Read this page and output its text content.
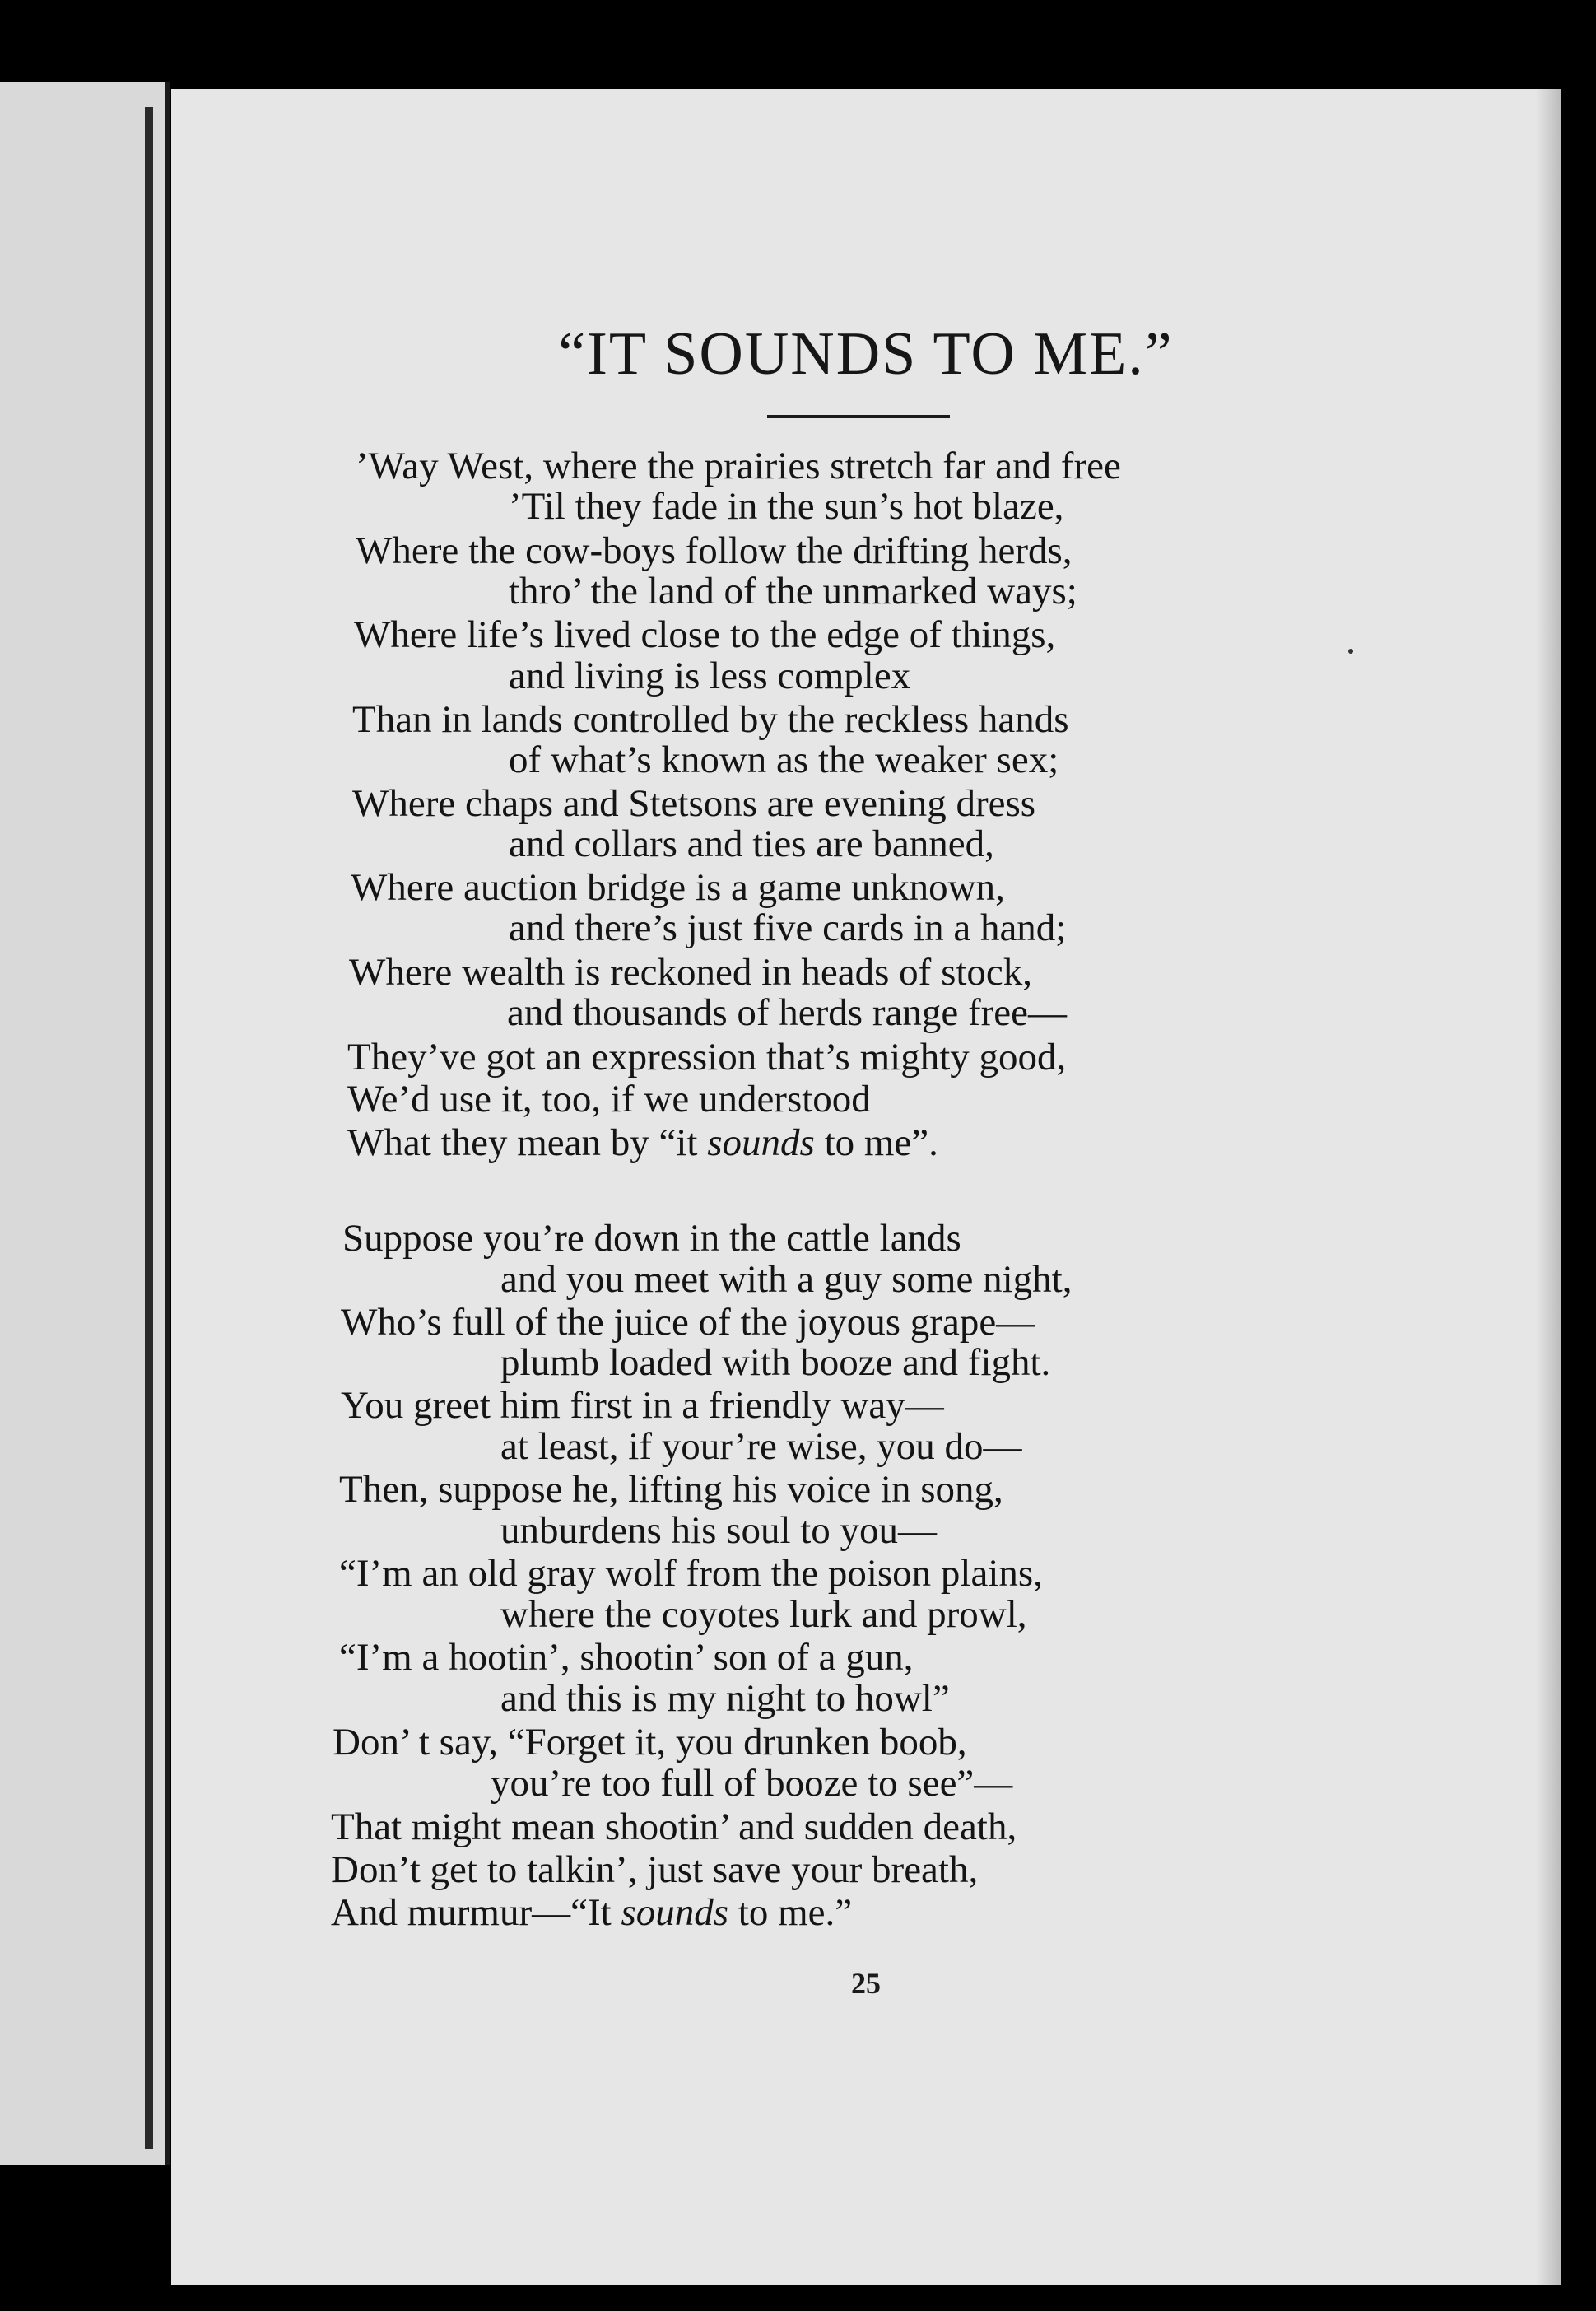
“IT SOUNDS TO ME.”
’Way West, where the prairies stretch far and free
’Til they fade in the sun’s hot blaze,
Where the cow-boys follow the drifting herds,
thro’ the land of the unmarked ways;
Where life’s lived close to the edge of things,
and living is less complex
Than in lands controlled by the reckless hands
of what’s known as the weaker sex;
Where chaps and Stetsons are evening dress
and collars and ties are banned,
Where auction bridge is a game unknown,
and there’s just five cards in a hand;
Where wealth is reckoned in heads of stock,
and thousands of herds range free—
They’ve got an expression that’s mighty good,
We’d use it, too, if we understood
What they mean by “it sounds to me”.
Suppose you’re down in the cattle lands
and you meet with a guy some night,
Who’s full of the juice of the joyous grape—
plumb loaded with booze and fight.
You greet him first in a friendly way—
at least, if your’re wise, you do—
Then, suppose he, lifting his voice in song,
unburdens his soul to you—
“I’m an old gray wolf from the poison plains,
where the coyotes lurk and prowl,
“I’m a hootin’, shootin’ son of a gun,
and this is my night to howl”
Don’ t say, “Forget it, you drunken boob,
you’re too full of booze to see”—
That might mean shootin’ and sudden death,
Don’t get to talkin’, just save your breath,
And murmur—“It sounds to me.”
25
